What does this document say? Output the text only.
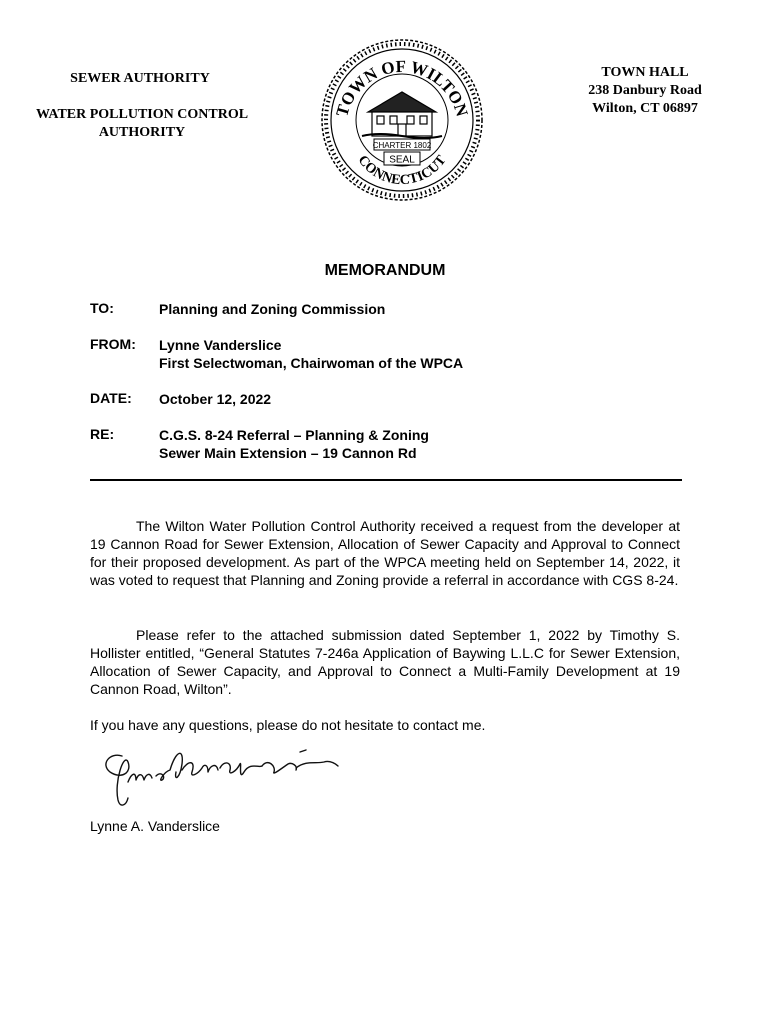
SEWER AUTHORITY
WATER POLLUTION CONTROL AUTHORITY
TOWN HALL
238 Danbury Road
Wilton, CT 06897
TOWN OF WILTON
CONNECTICUT
CHARTER 1802
SEAL
MEMORANDUM
TO:	Planning and Zoning Commission
FROM: Lynne Vanderslice
First Selectwoman, Chairwoman of the WPCA
DATE: October 12, 2022
RE:	C.G.S. 8-24 Referral – Planning & Zoning
Sewer Main Extension – 19 Cannon Rd
The Wilton Water Pollution Control Authority received a request from the developer at 19 Cannon Road for Sewer Extension, Allocation of Sewer Capacity and Approval to Connect for their proposed development. As part of the WPCA meeting held on September 14, 2022, it was voted to request that Planning and Zoning provide a referral in accordance with CGS 8-24.
Please refer to the attached submission dated September 1, 2022 by Timothy S. Hollister entitled, “General Statutes 7-246a Application of Baywing L.L.C for Sewer Extension, Allocation of Sewer Capacity, and Approval to Connect a Multi-Family Development at 19 Cannon Road, Wilton”.
If you have any questions, please do not hesitate to contact me.
Lynne A. Vanderslice
